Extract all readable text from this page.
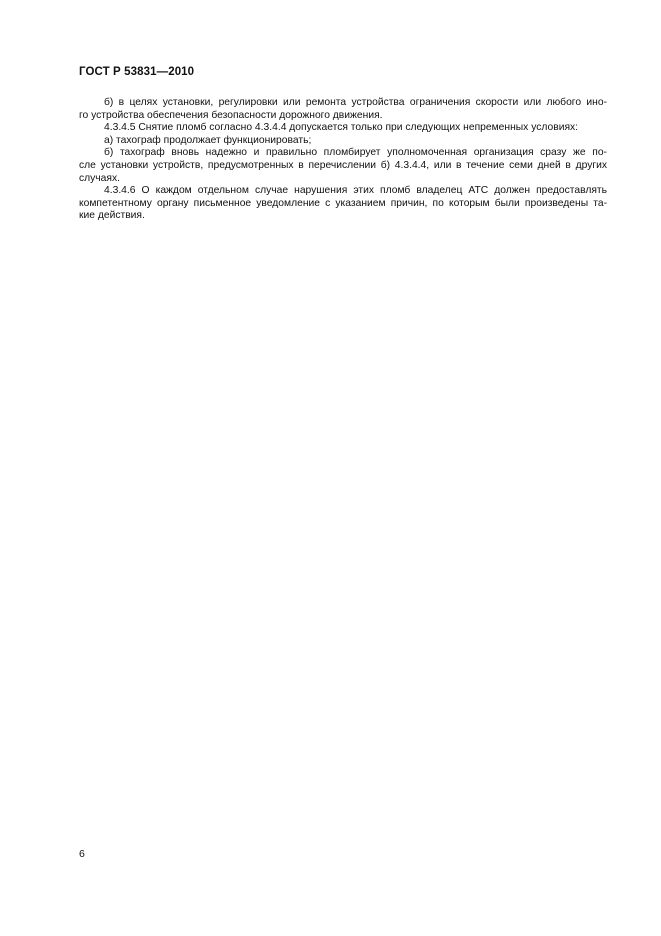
ГОСТ Р 53831—2010

б) в целях установки, регулировки или ремонта устройства ограничения скорости или любого ино-
го устройства обеспечения безопасности дорожного движения.

4.3.4.5 Снятие пломб согласно 4.3.4.4 допускается только при следующих непременных условиях:

а) тахограф продолжает функционировать;

б) тахограф вновь надежно и правильно пломбирует уполномоченная организация сразу же по-
сле установки устройств, предусмотренных в перечислении б) 4.3.4.4, или в течение семи дней в других
случаях.

4.3.4.6 О каждом отдельном случае нарушения этих пломб владелец АТС должен предоставлять
компетентному органу письменное уведомление с указанием причин, по которым были произведены та-
кие действия.

6
